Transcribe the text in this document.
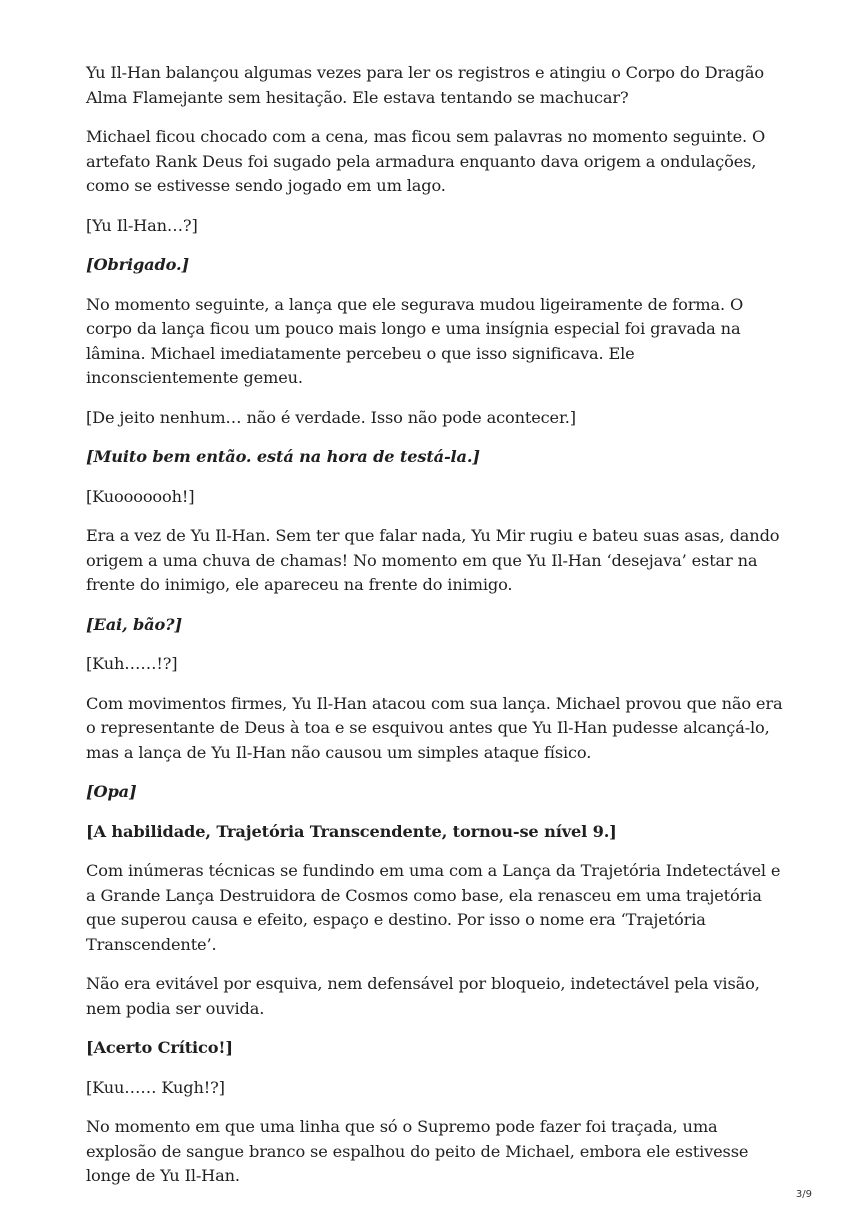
Yu Il-Han balançou algumas vezes para ler os registros e atingiu o Corpo do Dragão Alma Flamejante sem hesitação. Ele estava tentando se machucar?

Michael ficou chocado com a cena, mas ficou sem palavras no momento seguinte. O artefato Rank Deus foi sugado pela armadura enquanto dava origem a ondulações, como se estivesse sendo jogado em um lago.

[Yu Il-Han…?]

[Obrigado.]

No momento seguinte, a lança que ele segurava mudou ligeiramente de forma. O corpo da lança ficou um pouco mais longo e uma insígnia especial foi gravada na lâmina. Michael imediatamente percebeu o que isso significava. Ele inconscientemente gemeu.

[De jeito nenhum… não é verdade. Isso não pode acontecer.]

[Muito bem então. está na hora de testá-la.]

[Kuooooooh!]

Era a vez de Yu Il-Han. Sem ter que falar nada, Yu Mir rugiu e bateu suas asas, dando origem a uma chuva de chamas! No momento em que Yu Il-Han ‘desejava’ estar na frente do inimigo, ele apareceu na frente do inimigo.

[Eai, bão?]

[Kuh……!?]

Com movimentos firmes, Yu Il-Han atacou com sua lança. Michael provou que não era o representante de Deus à toa e se esquivou antes que Yu Il-Han pudesse alcançá-lo, mas a lança de Yu Il-Han não causou um simples ataque físico.

[Opa]

[A habilidade, Trajetória Transcendente, tornou-se nível 9.]

Com inúmeras técnicas se fundindo em uma com a Lança da Trajetória Indetectável e a Grande Lança Destruidora de Cosmos como base, ela renasceu em uma trajetória que superou causa e efeito, espaço e destino. Por isso o nome era ‘Trajetória Transcendente’.

Não era evitável por esquiva, nem defensável por bloqueio, indetectável pela visão, nem podia ser ouvida.

[Acerto Crítico!]

[Kuu…… Kugh!?]

No momento em que uma linha que só o Supremo pode fazer foi traçada, uma explosão de sangue branco se espalhou do peito de Michael, embora ele estivesse longe de Yu Il-Han.

3/9
